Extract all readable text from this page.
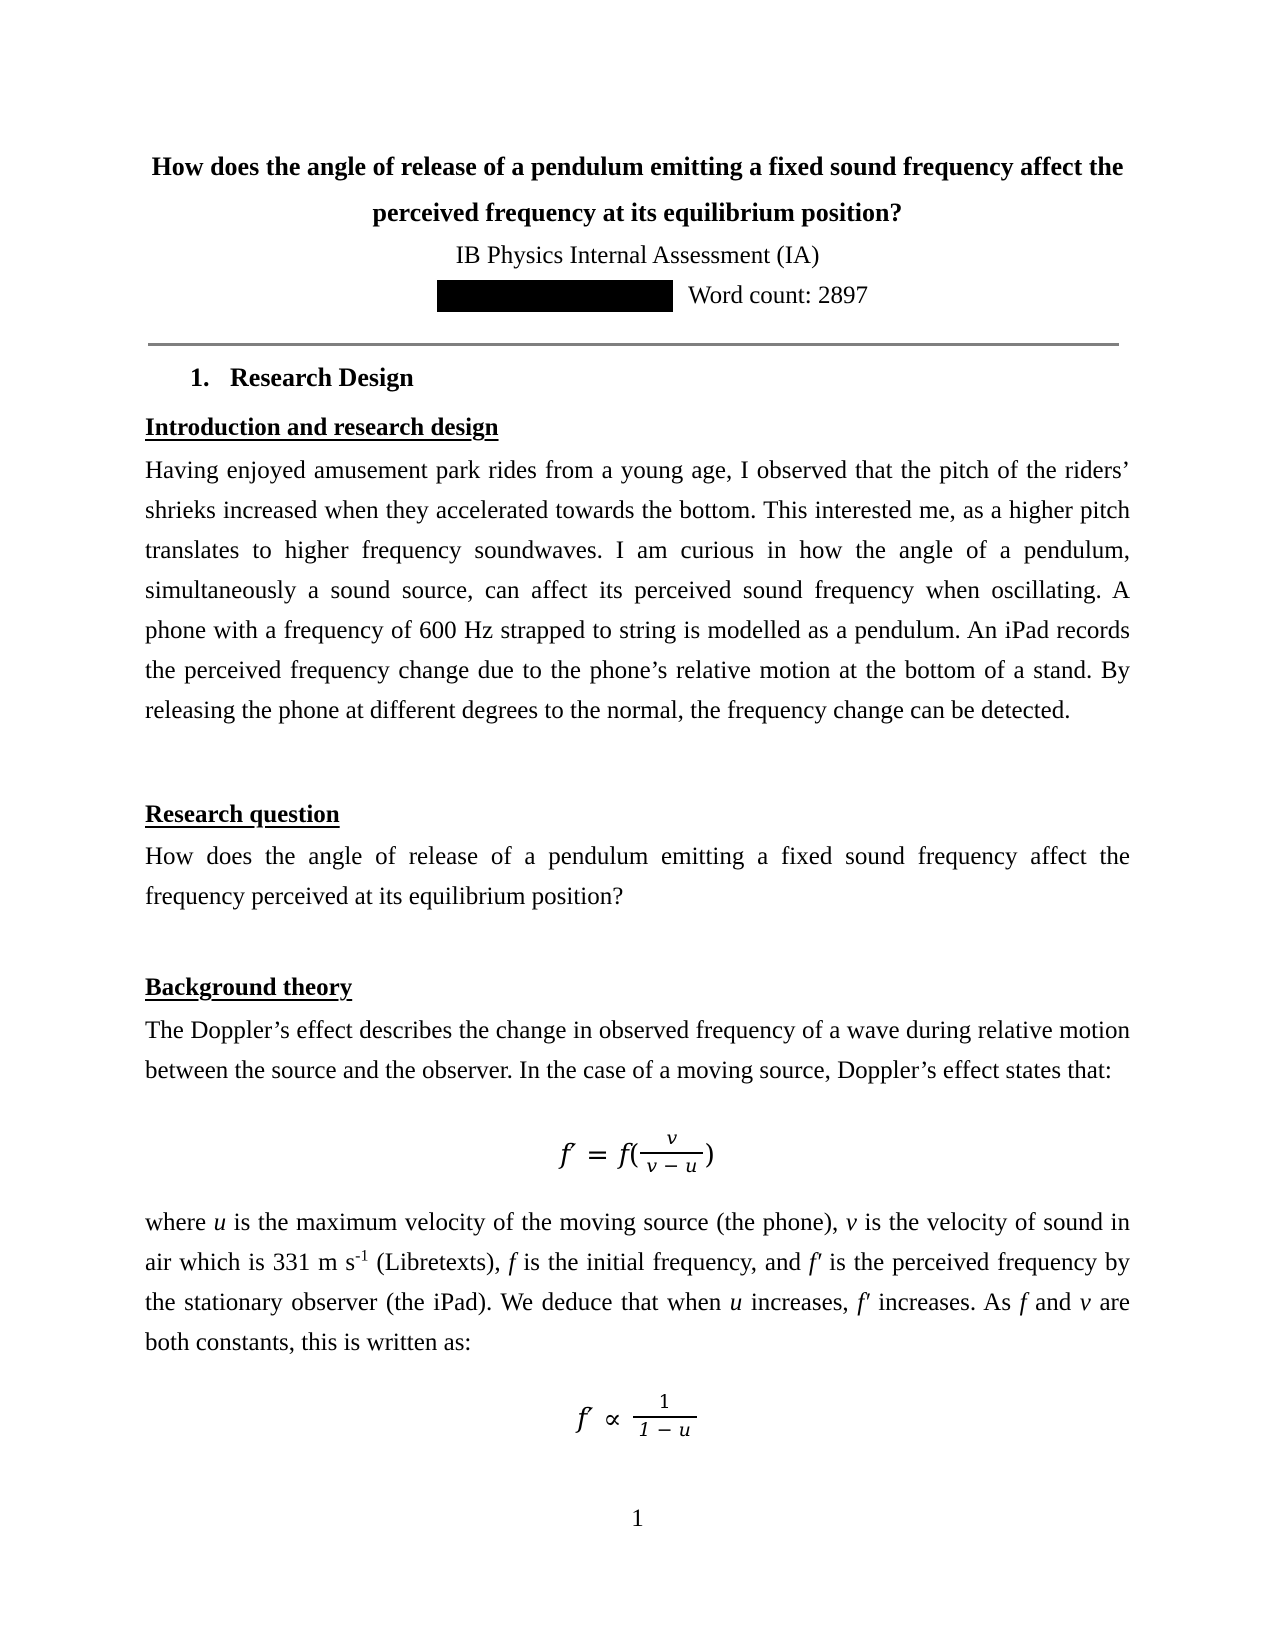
How does the angle of release of a pendulum emitting a fixed sound frequency affect the
perceived frequency at its equilibrium position?
IB Physics Internal Assessment (IA)
Word count: 2897
1. Research Design
Introduction and research design
Having enjoyed amusement park rides from a young age, I observed that the pitch of the riders’ shrieks increased when they accelerated towards the bottom. This interested me, as a higher pitch translates to higher frequency soundwaves. I am curious in how the angle of a pendulum, simultaneously a sound source, can affect its perceived sound frequency when oscillating. A phone with a frequency of 600 Hz strapped to string is modelled as a pendulum. An iPad records the perceived frequency change due to the phone’s relative motion at the bottom of a stand. By releasing the phone at different degrees to the normal, the frequency change can be detected.
Research question
How does the angle of release of a pendulum emitting a fixed sound frequency affect the frequency perceived at its equilibrium position?
Background theory
The Doppler’s effect describes the change in observed frequency of a wave during relative motion between the source and the observer. In the case of a moving source, Doppler’s effect states that:
$f' = f( \frac{v}{v - u}$ )
where u is the maximum velocity of the moving source (the phone), v is the velocity of sound in air which is 331 m $s^{-1}$ (Libretexts), f is the initial frequency, and f′ is the perceived frequency by the stationary observer (the iPad). We deduce that when u increases, f′ increases. As f and v are both constants, this is written as:
$f' \propto \frac{1}{1 - u}$
1
